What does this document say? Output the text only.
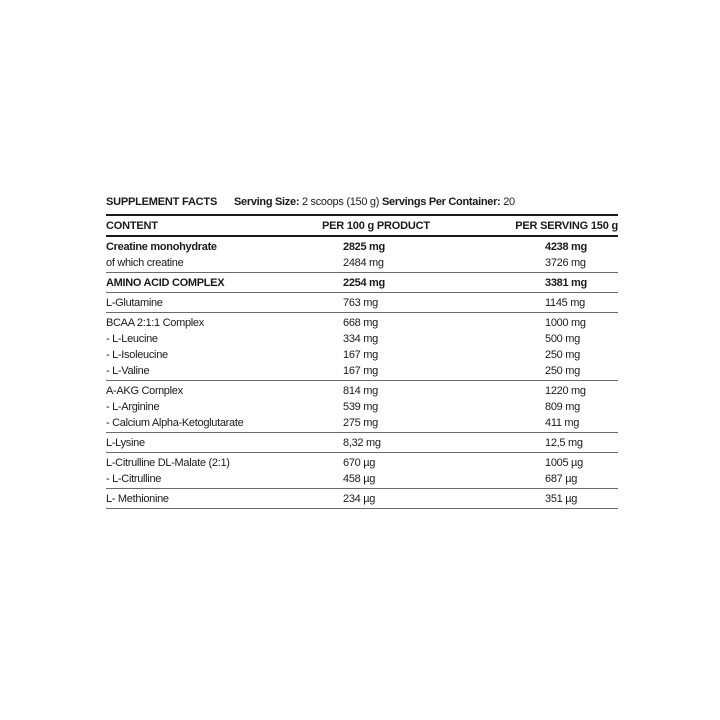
SUPPLEMENT FACTS	Serving Size: 2 scoops (150 g) Servings Per Container: 20
CONTENT	PER 100 g PRODUCT	PER SERVING 150 g
Creatine monohydrate	2825 mg	4238 mg
of which creatine	2484 mg	3726 mg
AMINO ACID COMPLEX	2254 mg	3381 mg
L-Glutamine	763 mg	1145 mg
BCAA 2:1:1 Complex	668 mg	1000 mg
- L-Leucine	334 mg	500 mg
- L-Isoleucine	167 mg	250 mg
- L-Valine	167 mg	250 mg
A-AKG Complex	814 mg	1220 mg
- L-Arginine	539 mg	809 mg
- Calcium Alpha-Ketoglutarate	275 mg	411 mg
L-Lysine	8,32 mg	12,5 mg
L-Citrulline DL-Malate (2:1)	670 µg	1005 µg
- L-Citrulline	458 µg	687 µg
L- Methionine	234 µg	351 µg
